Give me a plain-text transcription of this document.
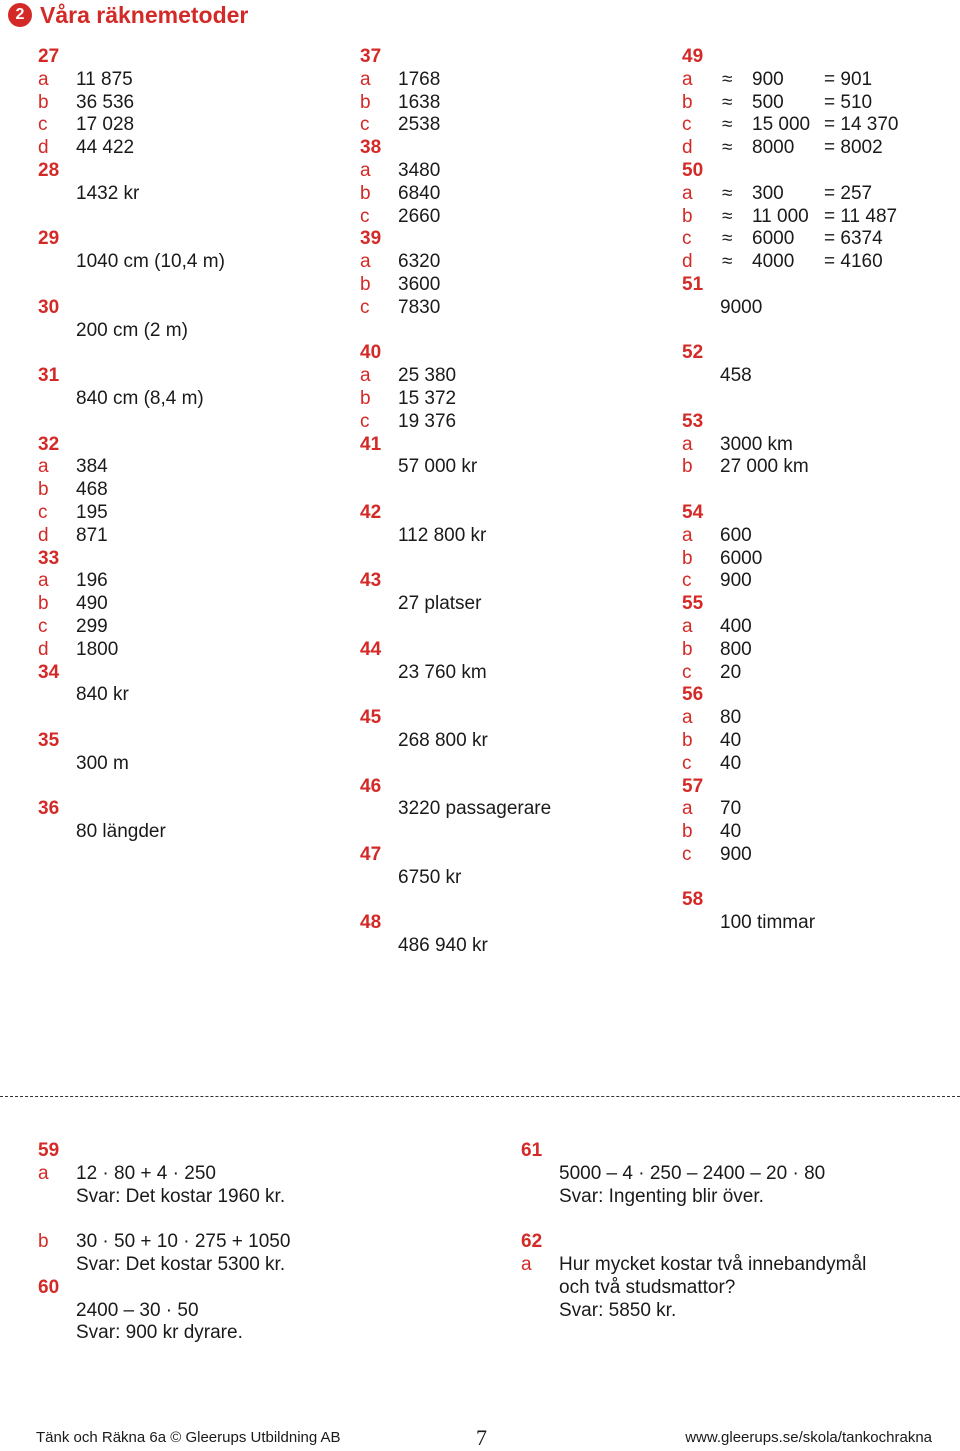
2 Våra räknemetoder
27
a 11 875
b 36 536
c 17 028
d 44 422
28
1432 kr
29
1040 cm (10,4 m)
30
200 cm (2 m)
31
840 cm (8,4 m)
32
a 384
b 468
c 195
d 871
33
a 196
b 490
c 299
d 1800
34
840 kr
35
300 m
36
80 längder
37
a 1768
b 1638
c 2538
38
a 3480
b 6840
c 2660
39
a 6320
b 3600
c 7830
40
a 25 380
b 15 372
c 19 376
41
57 000 kr
42
112 800 kr
43
27 platser
44
23 760 km
45
268 800 kr
46
3220 passagerare
47
6750 kr
48
486 940 kr
49
a ≈ 900 = 901
b ≈ 500 = 510
c ≈ 15 000 = 14 370
d ≈ 8000 = 8002
50
a ≈ 300 = 257
b ≈ 11 000 = 11 487
c ≈ 6000 = 6374
d ≈ 4000 = 4160
51
9000
52
458
53
a 3000 km
b 27 000 km
54
a 600
b 6000
c 900
55
a 400
b 800
c 20
56
a 80
b 40
c 40
57
a 70
b 40
c 900
58
100 timmar
59
a 12 · 80 + 4 · 250
Svar: Det kostar 1960 kr.
b 30 · 50 + 10 · 275 + 1050
Svar: Det kostar 5300 kr.
60
2400 – 30 · 50
Svar: 900 kr dyrare.
61
5000 – 4 · 250 – 2400 – 20 · 80
Svar: Ingenting blir över.
62
a Hur mycket kostar två innebandymål
och två studsmattor?
Svar: 5850 kr.
Tänk och Räkna 6a © Gleerups Utbildning AB	7	www.gleerups.se/skola/tankochrakna
